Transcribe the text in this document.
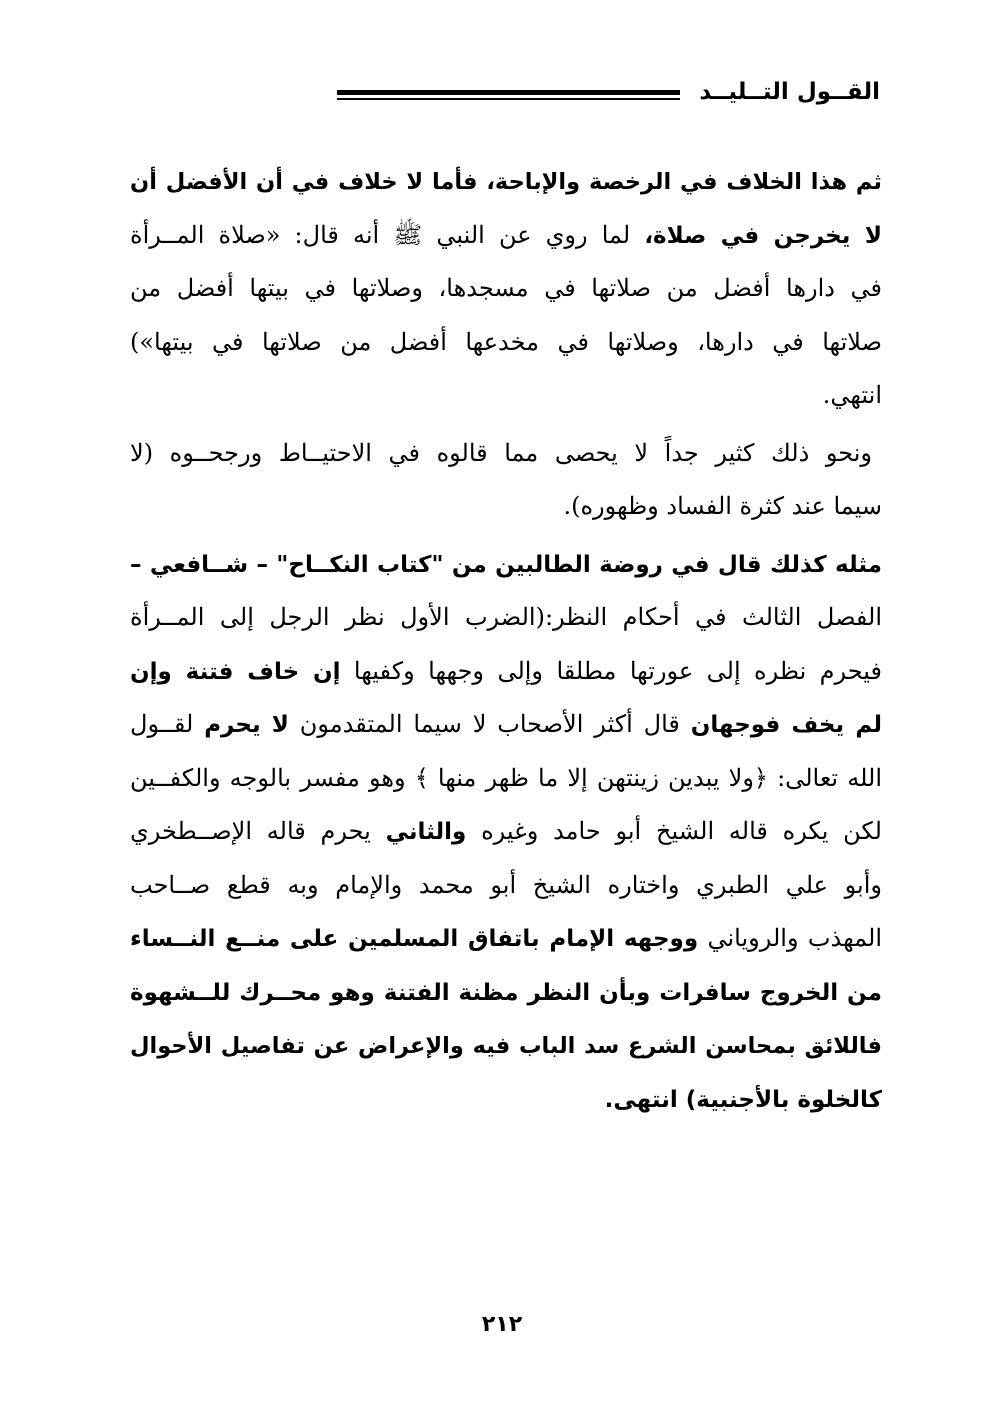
القــول التــليــد
ثم هذا الخلاف في الرخصة والإباحة، فأما لا خلاف في أن الأفضل أن
لا يخرجن في صلاة، لما روي عن النبي ﷺ أنه قال: «صلاة المــرأة
في دارها أفضل من صلاتها في مسجدها، وصلاتها في بيتها أفضل من
صلاتها في دارها، وصلاتها في مخدعها أفضل من صلاتها في بيتها»)
انتهي.
ونحو ذلك كثير جداً لا يحصى مما قالوه في الاحتيــاط ورجحــوه (لا
سيما عند كثرة الفساد وظهوره).
مثله كذلك قال في روضة الطالبين من "كتاب النكــاح" – شــافعي –
الفصل الثالث في أحكام النظر:(الضرب الأول نظر الرجل إلى المــرأة
فيحرم نظره إلى عورتها مطلقا وإلى وجهها وكفيها إن خاف فتنة وإن
لم يخف فوجهان قال أكثر الأصحاب لا سيما المتقدمون لا يحرم لقــول
الله تعالى: ﴿ولا يبدين زينتهن إلا ما ظهر منها ﴾ وهو مفسر بالوجه والكفــين
لكن يكره قاله الشيخ أبو حامد وغيره والثاني يحرم قاله الإصــطخري
وأبو علي الطبري واختاره الشيخ أبو محمد والإمام وبه قطع صــاحب
المهذب والروياني ووجهه الإمام باتفاق المسلمين على منــع النــساء
من الخروج سافرات وبأن النظر مظنة الفتنة وهو محــرك للــشهوة
فاللائق بمحاسن الشرع سد الباب فيه والإعراض عن تفاصيل الأحوال
كالخلوة بالأجنبية) انتهى.
٢١٢
